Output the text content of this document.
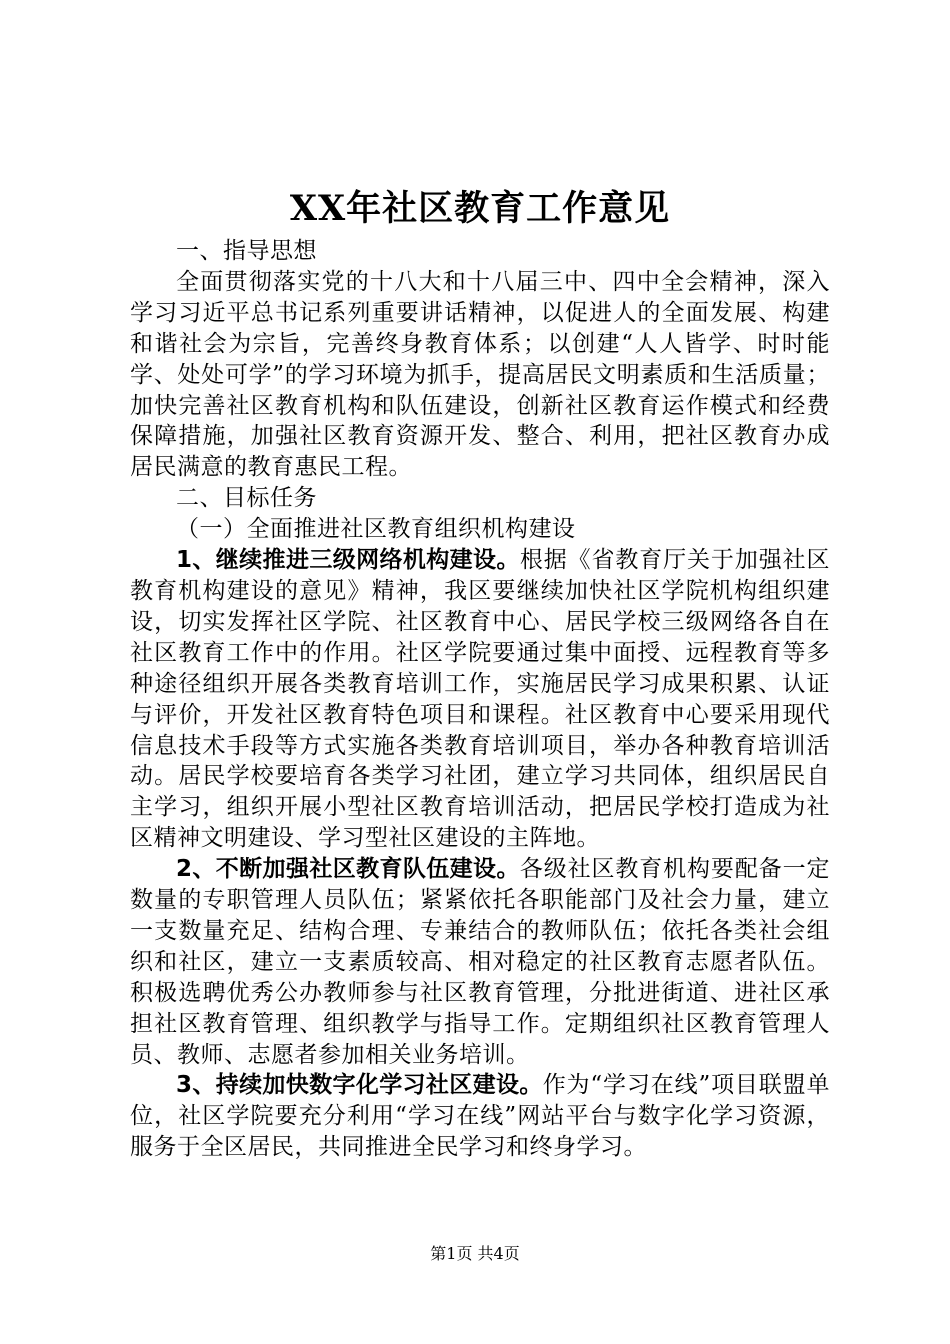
XX年社区教育工作意见

一、指导思想

全面贯彻落实党的十八大和十八届三中、四中全会精神，深入学习习近平总书记系列重要讲话精神，以促进人的全面发展、构建和谐社会为宗旨，完善终身教育体系；以创建“人人皆学、时时能学、处处可学”的学习环境为抓手，提高居民文明素质和生活质量；加快完善社区教育机构和队伍建设，创新社区教育运作模式和经费保障措施，加强社区教育资源开发、整合、利用，把社区教育办成居民满意的教育惠民工程。

二、目标任务

（一）全面推进社区教育组织机构建设

1、继续推进三级网络机构建设。根据《省教育厅关于加强社区教育机构建设的意见》精神，我区要继续加快社区学院机构组织建设，切实发挥社区学院、社区教育中心、居民学校三级网络各自在社区教育工作中的作用。社区学院要通过集中面授、远程教育等多种途径组织开展各类教育培训工作，实施居民学习成果积累、认证与评价，开发社区教育特色项目和课程。社区教育中心要采用现代信息技术手段等方式实施各类教育培训项目，举办各种教育培训活动。居民学校要培育各类学习社团，建立学习共同体，组织居民自主学习，组织开展小型社区教育培训活动，把居民学校打造成为社区精神文明建设、学习型社区建设的主阵地。

2、不断加强社区教育队伍建设。各级社区教育机构要配备一定数量的专职管理人员队伍；紧紧依托各职能部门及社会力量，建立一支数量充足、结构合理、专兼结合的教师队伍；依托各类社会组织和社区，建立一支素质较高、相对稳定的社区教育志愿者队伍。积极选聘优秀公办教师参与社区教育管理，分批进街道、进社区承担社区教育管理、组织教学与指导工作。定期组织社区教育管理人员、教师、志愿者参加相关业务培训。

3、持续加快数字化学习社区建设。作为“学习在线”项目联盟单位，社区学院要充分利用“学习在线”网站平台与数字化学习资源，服务于全区居民，共同推进全民学习和终身学习。

第1页 共4页
